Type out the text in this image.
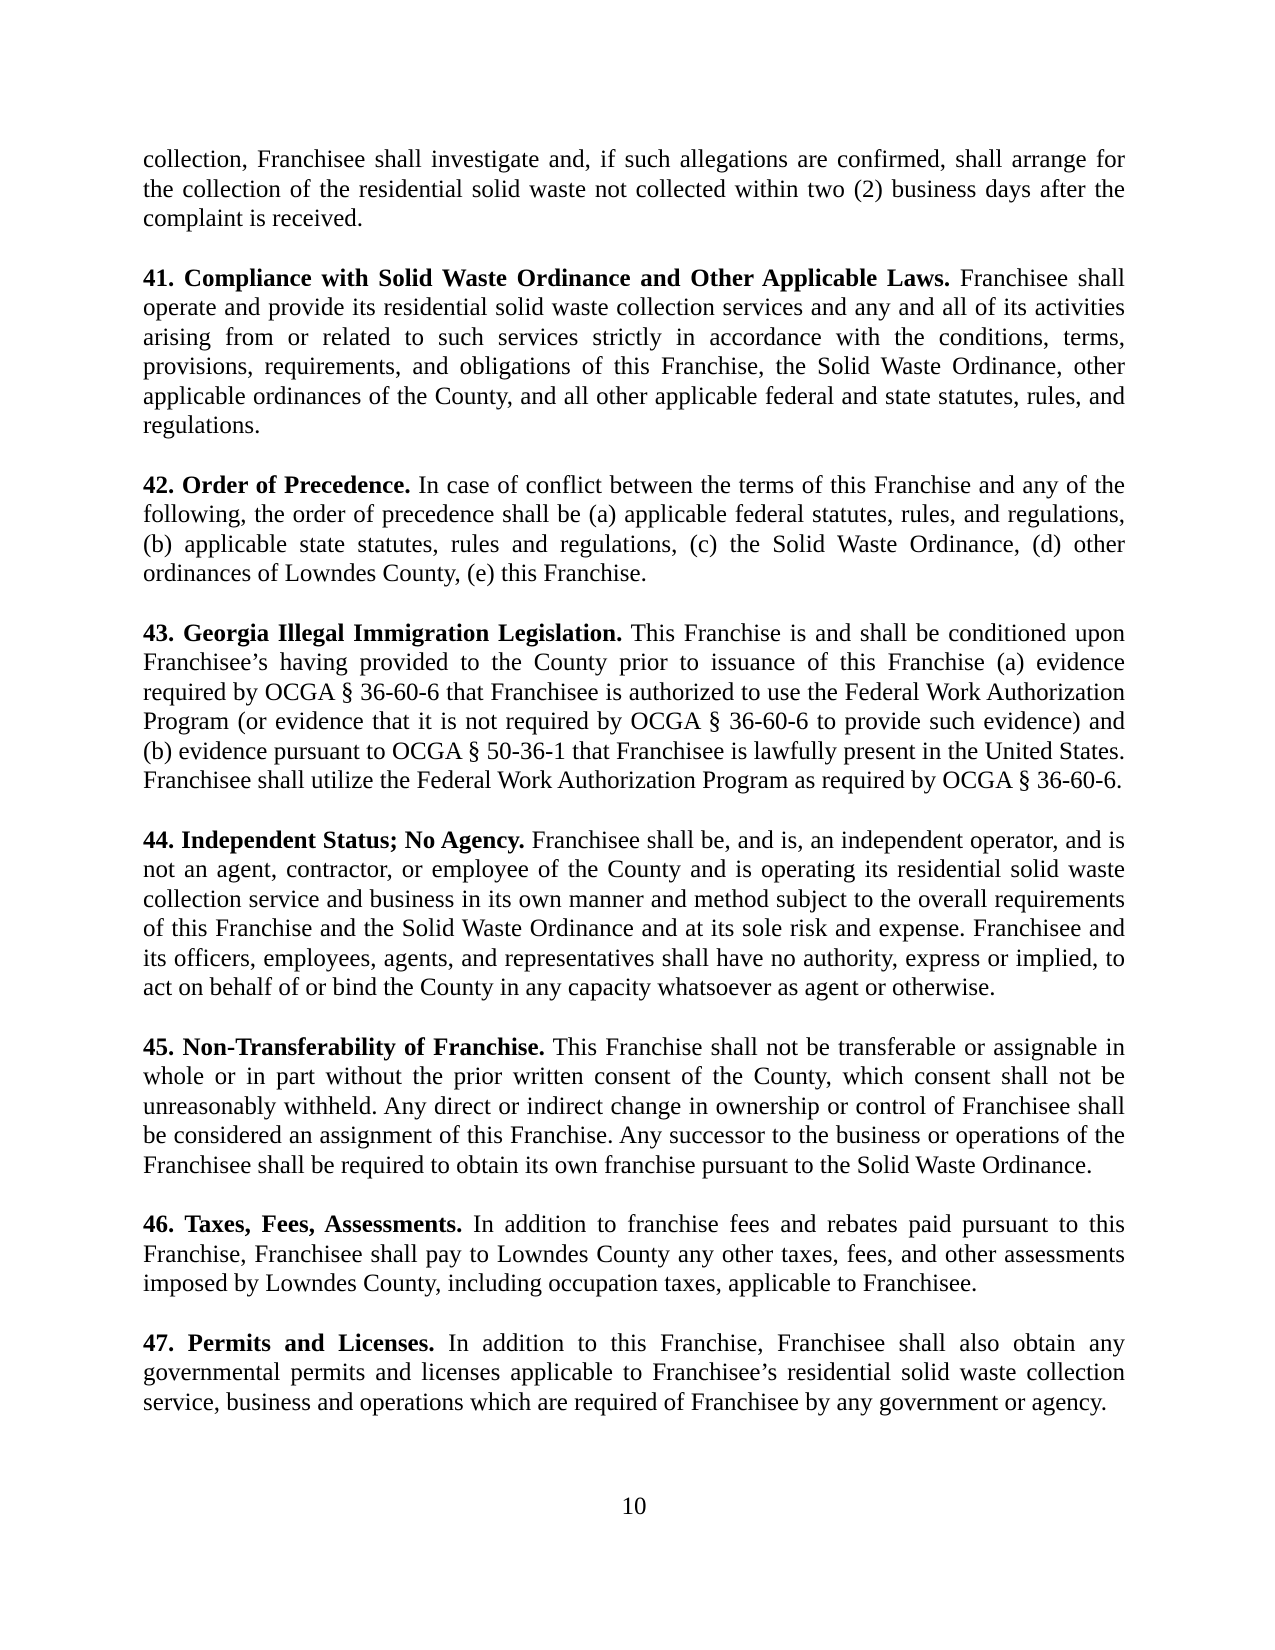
collection, Franchisee shall investigate and, if such allegations are confirmed, shall arrange for the collection of the residential solid waste not collected within two (2) business days after the complaint is received.

41. Compliance with Solid Waste Ordinance and Other Applicable Laws. Franchisee shall operate and provide its residential solid waste collection services and any and all of its activities arising from or related to such services strictly in accordance with the conditions, terms, provisions, requirements, and obligations of this Franchise, the Solid Waste Ordinance, other applicable ordinances of the County, and all other applicable federal and state statutes, rules, and regulations.

42. Order of Precedence. In case of conflict between the terms of this Franchise and any of the following, the order of precedence shall be (a) applicable federal statutes, rules, and regulations, (b) applicable state statutes, rules and regulations, (c) the Solid Waste Ordinance, (d) other ordinances of Lowndes County, (e) this Franchise.

43. Georgia Illegal Immigration Legislation. This Franchise is and shall be conditioned upon Franchisee’s having provided to the County prior to issuance of this Franchise (a) evidence required by OCGA § 36-60-6 that Franchisee is authorized to use the Federal Work Authorization Program (or evidence that it is not required by OCGA § 36-60-6 to provide such evidence) and (b) evidence pursuant to OCGA § 50-36-1 that Franchisee is lawfully present in the United States. Franchisee shall utilize the Federal Work Authorization Program as required by OCGA § 36-60-6.

44. Independent Status; No Agency. Franchisee shall be, and is, an independent operator, and is not an agent, contractor, or employee of the County and is operating its residential solid waste collection service and business in its own manner and method subject to the overall requirements of this Franchise and the Solid Waste Ordinance and at its sole risk and expense. Franchisee and its officers, employees, agents, and representatives shall have no authority, express or implied, to act on behalf of or bind the County in any capacity whatsoever as agent or otherwise.

45. Non-Transferability of Franchise. This Franchise shall not be transferable or assignable in whole or in part without the prior written consent of the County, which consent shall not be unreasonably withheld. Any direct or indirect change in ownership or control of Franchisee shall be considered an assignment of this Franchise. Any successor to the business or operations of the Franchisee shall be required to obtain its own franchise pursuant to the Solid Waste Ordinance.

46. Taxes, Fees, Assessments. In addition to franchise fees and rebates paid pursuant to this Franchise, Franchisee shall pay to Lowndes County any other taxes, fees, and other assessments imposed by Lowndes County, including occupation taxes, applicable to Franchisee.

47. Permits and Licenses. In addition to this Franchise, Franchisee shall also obtain any governmental permits and licenses applicable to Franchisee’s residential solid waste collection service, business and operations which are required of Franchisee by any government or agency.

10
